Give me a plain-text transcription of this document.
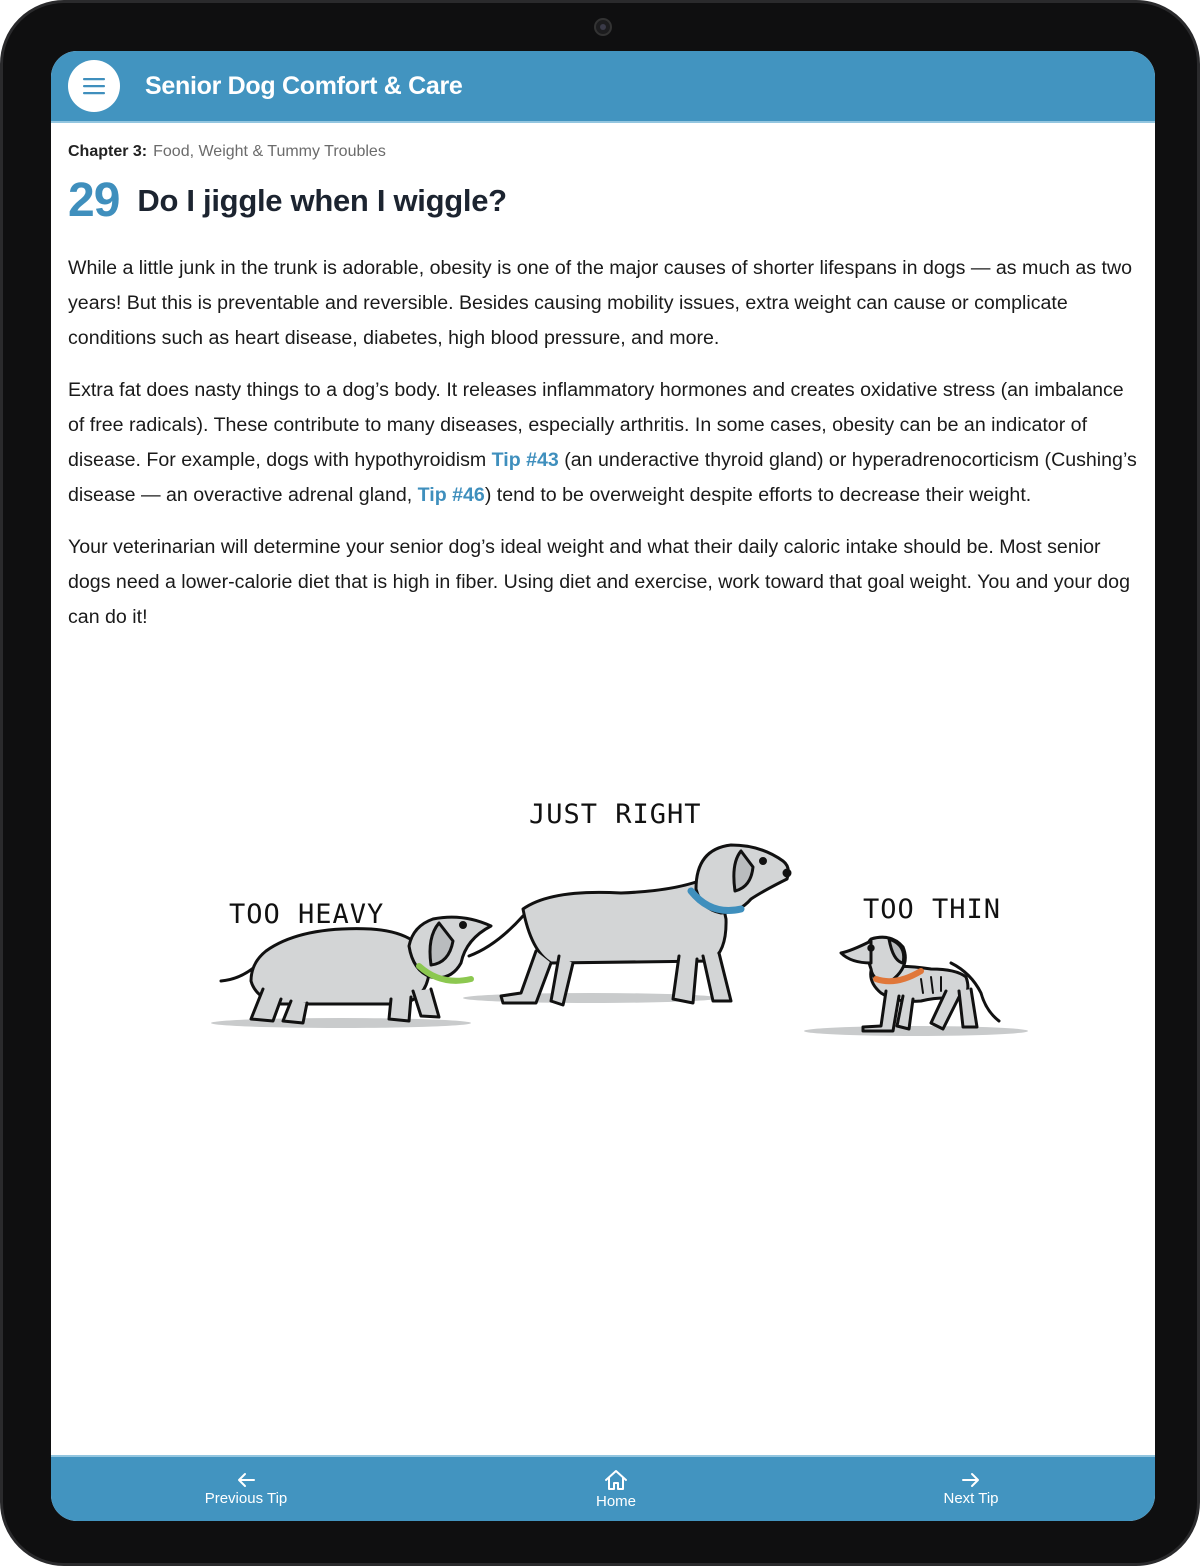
Senior Dog Comfort & Care
Chapter 3: Food, Weight & Tummy Troubles
29 Do I jiggle when I wiggle?

While a little junk in the trunk is adorable, obesity is one of the major causes of shorter lifespans in dogs — as much as two years! But this is preventable and reversible. Besides causing mobility issues, extra weight can cause or complicate conditions such as heart disease, diabetes, high blood pressure, and more.

Extra fat does nasty things to a dog’s body. It releases inflammatory hormones and creates oxidative stress (an imbalance of free radicals). These contribute to many diseases, especially arthritis. In some cases, obesity can be an indicator of disease. For example, dogs with hypothyroidism Tip #43 (an underactive thyroid gland) or hyperadrenocorticism (Cushing’s disease — an overactive adrenal gland, Tip #46) tend to be overweight despite efforts to decrease their weight.

Your veterinarian will determine your senior dog’s ideal weight and what their daily caloric intake should be. Most senior dogs need a lower-calorie diet that is high in fiber. Using diet and exercise, work toward that goal weight. You and your dog can do it!

JUST RIGHT
TOO HEAVY	TOO THIN
Previous Tip	Home	Next Tip
